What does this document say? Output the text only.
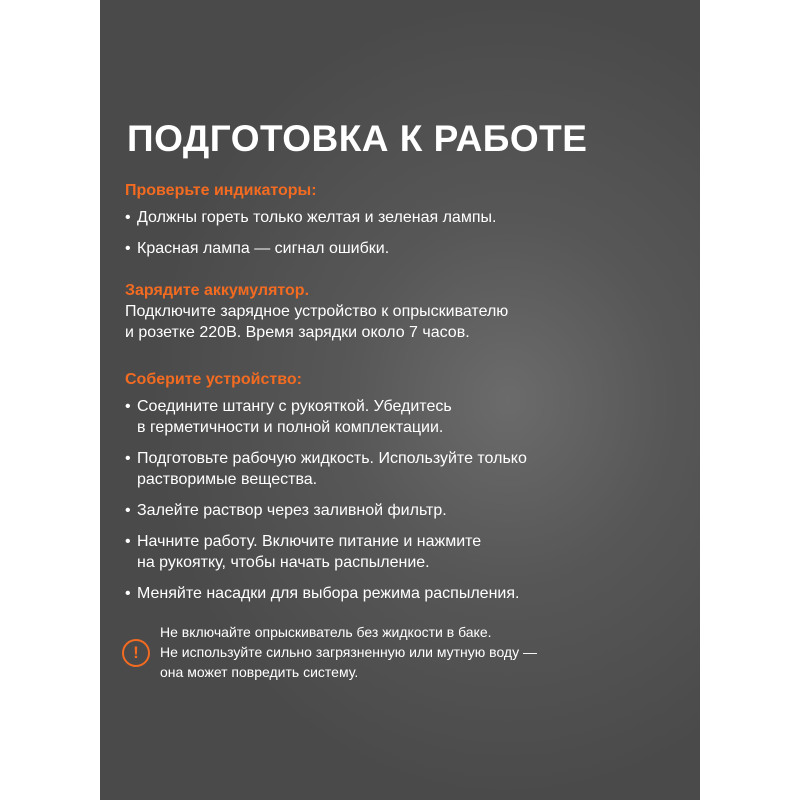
ПОДГОТОВКА К РАБОТЕ

Проверьте индикаторы:

• Должны гореть только желтая и зеленая лампы.
• Красная лампа — сигнал ошибки.

Зарядите аккумулятор.

Подключите зарядное устройство к опрыскивателю

и розетке 220В. Время зарядки около 7 часов.

Соберите устройство:

• Соедините штангу с рукояткой. Убедитесь
в герметичности и полной комплектации.
• Подготовьте рабочую жидкость. Используйте только
растворимые вещества.
• Залейте раствор через заливной фильтр.
• Начните работу. Включите питание и нажмите
на рукоятку, чтобы начать распыление.
• Меняйте насадки для выбора режима распыления.
!
Не включайте опрыскиватель без жидкости в баке.
Не используйте сильно загрязненную или мутную воду —
она может повредить систему.
